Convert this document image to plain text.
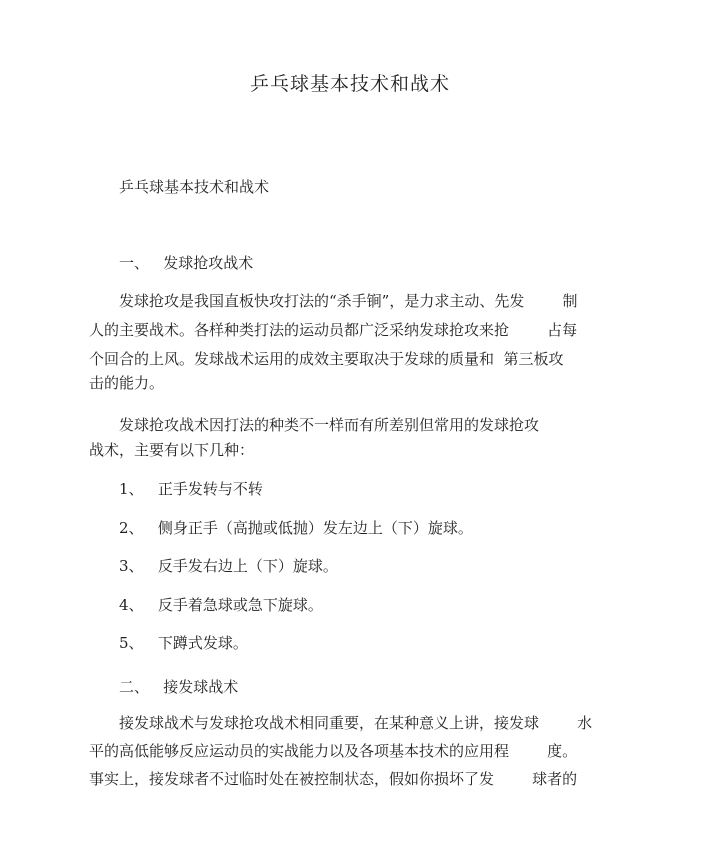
乒乓球基本技术和战术
乒乓球基本技术和战术
一、   发球抢攻战术
发球抢攻是我国直板快攻打法的“杀手锏”，是力求主动、先发        制
人的主要战术。各样种类打法的运动员都广泛采纳发球抢攻来抢        占每
个回合的上风。发球战术运用的成效主要取决于发球的质量和  第三板攻
击的能力。
发球抢攻战术因打法的种类不一样而有所差别但常用的发球抢攻
战术，主要有以下几种：
1、   正手发转与不转
2、   侧身正手（高抛或低抛）发左边上（下）旋球。
3、   反手发右边上（下）旋球。
4、   反手着急球或急下旋球。
5、   下蹲式发球。
二、   接发球战术
接发球战术与发球抢攻战术相同重要，在某种意义上讲，接发球        水
平的高低能够反应运动员的实战能力以及各项基本技术的应用程        度。
事实上，接发球者不过临时处在被控制状态，假如你损坏了发        球者的
